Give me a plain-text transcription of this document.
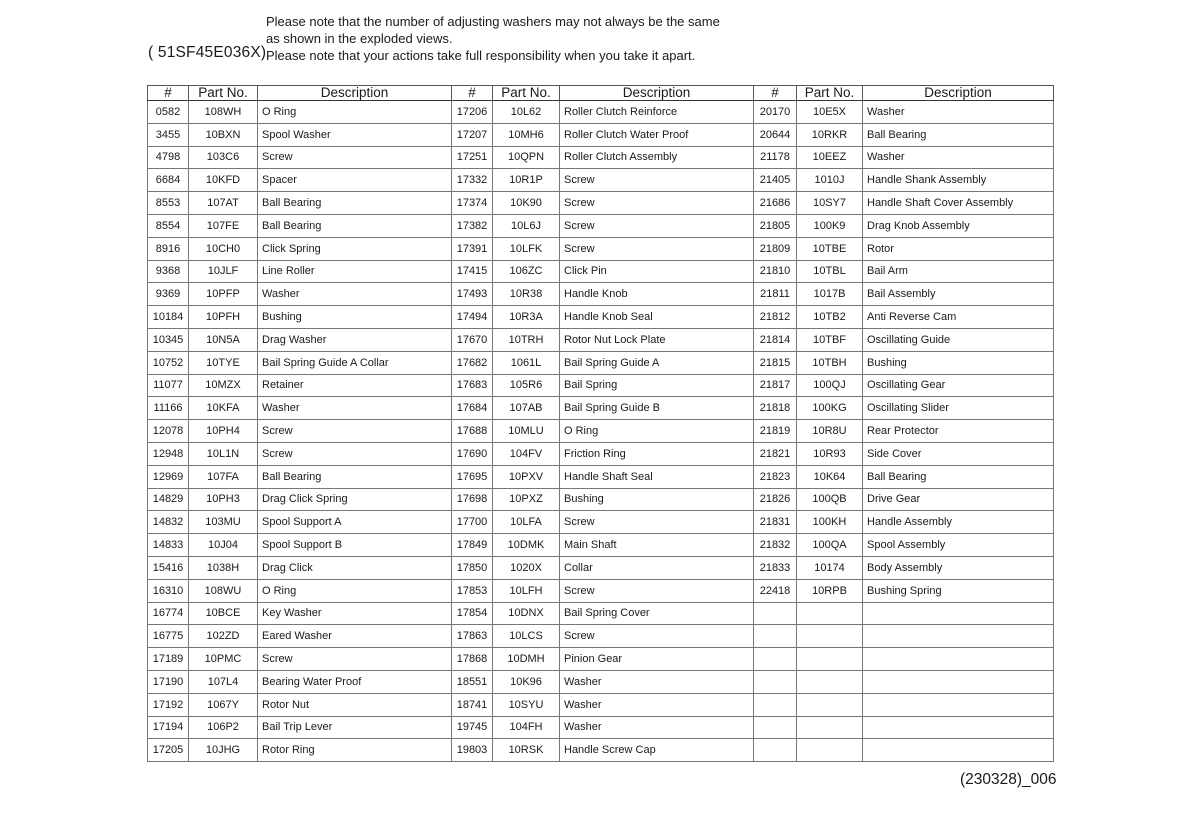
( 51SF45E036X)
Please note that the number of adjusting washers may not always be the same
as shown in the exploded views.
Please note that your actions take full responsibility when you take it apart.
#	Part No.	Description	#	Part No.	Description	#	Part No.	Description
0582	108WH	O Ring	17206	10L62	Roller Clutch Reinforce	20170	10E5X	Washer
3455	10BXN	Spool Washer	17207	10MH6	Roller Clutch Water Proof	20644	10RKR	Ball Bearing
4798	103C6	Screw	17251	10QPN	Roller Clutch Assembly	21178	10EEZ	Washer
6684	10KFD	Spacer	17332	10R1P	Screw	21405	1010J	Handle Shank Assembly
8553	107AT	Ball Bearing	17374	10K90	Screw	21686	10SY7	Handle Shaft Cover Assembly
8554	107FE	Ball Bearing	17382	10L6J	Screw	21805	100K9	Drag Knob Assembly
8916	10CH0	Click Spring	17391	10LFK	Screw	21809	10TBE	Rotor
9368	10JLF	Line Roller	17415	106ZC	Click Pin	21810	10TBL	Bail Arm
9369	10PFP	Washer	17493	10R38	Handle Knob	21811	1017B	Bail Assembly
10184	10PFH	Bushing	17494	10R3A	Handle Knob Seal	21812	10TB2	Anti Reverse Cam
10345	10N5A	Drag Washer	17670	10TRH	Rotor Nut Lock Plate	21814	10TBF	Oscillating Guide
10752	10TYE	Bail Spring Guide A Collar	17682	1061L	Bail Spring Guide A	21815	10TBH	Bushing
11077	10MZX	Retainer	17683	105R6	Bail Spring	21817	100QJ	Oscillating Gear
11166	10KFA	Washer	17684	107AB	Bail Spring Guide B	21818	100KG	Oscillating Slider
12078	10PH4	Screw	17688	10MLU	O Ring	21819	10R8U	Rear Protector
12948	10L1N	Screw	17690	104FV	Friction Ring	21821	10R93	Side Cover
12969	107FA	Ball Bearing	17695	10PXV	Handle Shaft Seal	21823	10K64	Ball Bearing
14829	10PH3	Drag Click Spring	17698	10PXZ	Bushing	21826	100QB	Drive Gear
14832	103MU	Spool Support A	17700	10LFA	Screw	21831	100KH	Handle Assembly
14833	10J04	Spool Support B	17849	10DMK	Main Shaft	21832	100QA	Spool Assembly
15416	1038H	Drag Click	17850	1020X	Collar	21833	10174	Body Assembly
16310	108WU	O Ring	17853	10LFH	Screw	22418	10RPB	Bushing Spring
16774	10BCE	Key Washer	17854	10DNX	Bail Spring Cover			
16775	102ZD	Eared Washer	17863	10LCS	Screw			
17189	10PMC	Screw	17868	10DMH	Pinion Gear			
17190	107L4	Bearing Water Proof	18551	10K96	Washer			
17192	1067Y	Rotor Nut	18741	10SYU	Washer			
17194	106P2	Bail Trip Lever	19745	104FH	Washer			
17205	10JHG	Rotor Ring	19803	10RSK	Handle Screw Cap			
(230328)_006
